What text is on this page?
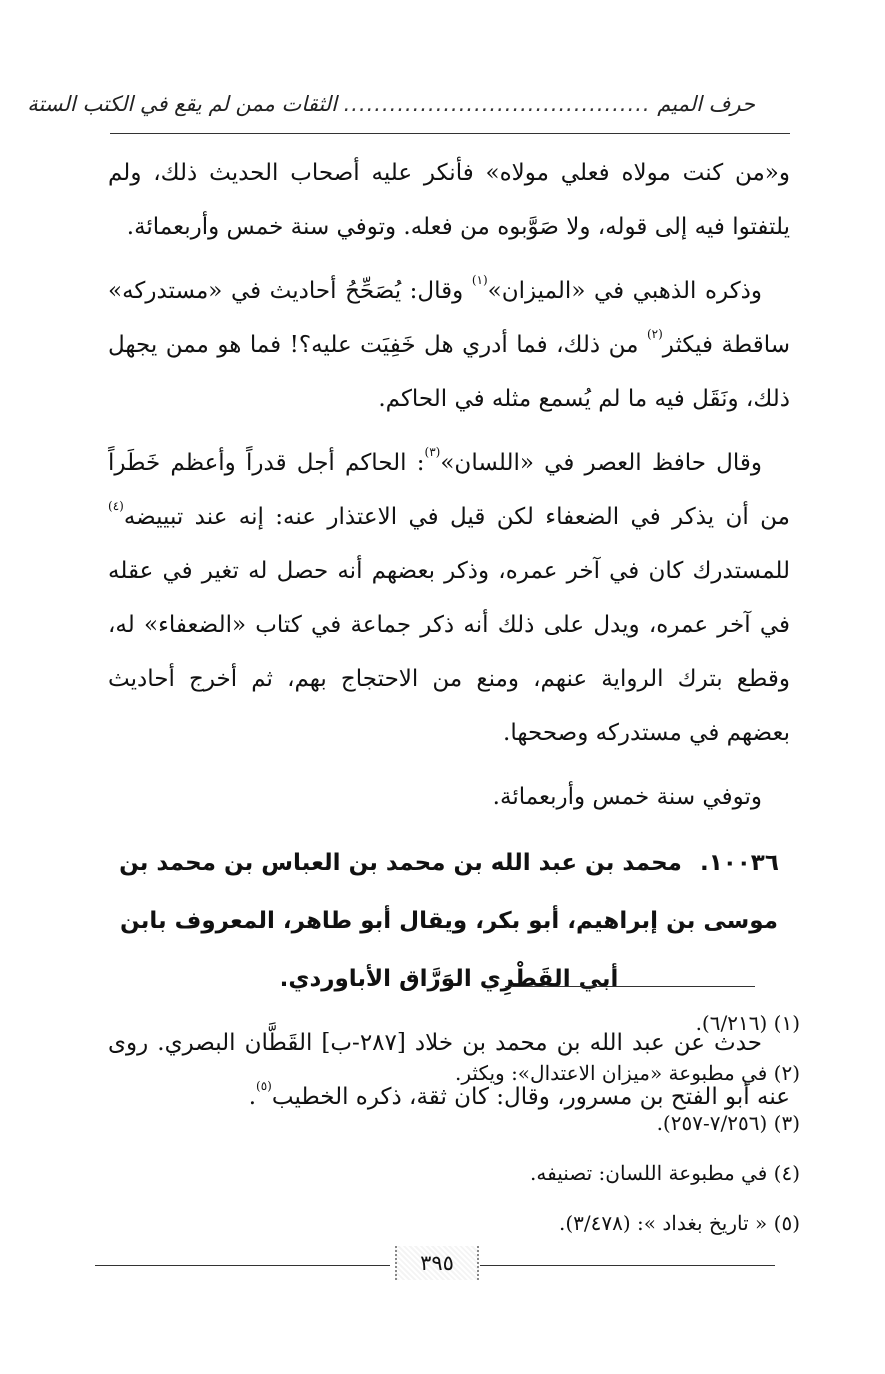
حرف الميم ........................................ الثقات ممن لم يقع في الكتب الستة

و«من كنت مولاه فعلي مولاه» فأنكر عليه أصحاب الحديث ذلك، ولم يلتفتوا فيه إلى قوله، ولا صَوَّبوه من فعله. وتوفي سنة خمس وأربعمائة.

وذكره الذهبي في «الميزان»$^{(١)}$ وقال: يُصَحِّحُ أحاديث في «مستدركه» ساقطة فيكثر$^{(٢)}$ من ذلك، فما أدري هل خَفِيَت عليه؟! فما هو ممن يجهل ذلك، ونَقَل فيه ما لم يُسمع مثله في الحاكم.

وقال حافظ العصر في «اللسان»$^{(٣)}$: الحاكم أجل قدراً وأعظم خَطَراً من أن يذكر في الضعفاء لكن قيل في الاعتذار عنه: إنه عند تبييضه$^{(٤)}$ للمستدرك كان في آخر عمره، وذكر بعضهم أنه حصل له تغير في عقله في آخر عمره، ويدل على ذلك أنه ذكر جماعة في كتاب «الضعفاء» له، وقطع بترك الرواية عنهم، ومنع من الاحتجاج بهم، ثم أخرج أحاديث بعضهم في مستدركه وصححها.

وتوفي سنة خمس وأربعمائة.

١٠٠٣٦. محمد بن عبد الله بن محمد بن العباس بن محمد بن موسى بن إبراهيم، أبو بكر، ويقال أبو طاهر، المعروف بابن أبي القَطْرِي الوَرَّاق الأباوردي.

حدث عن عبد الله بن محمد بن خلاد [٢٨٧-ب] القَطَّان البصري. روى عنه أبو الفتح بن مسرور، وقال: كان ثقة، ذكره الخطيب$^{(٥)}$.

(١) (٦/٢١٦).
(٢) في مطبوعة «ميزان الاعتدال»: ويكثر.
(٣) (٧/٢٥٦-٢٥٧).
(٤) في مطبوعة اللسان: تصنيفه.
(٥) « تاريخ بغداد »: (٣/٤٧٨).
٣٩٥
